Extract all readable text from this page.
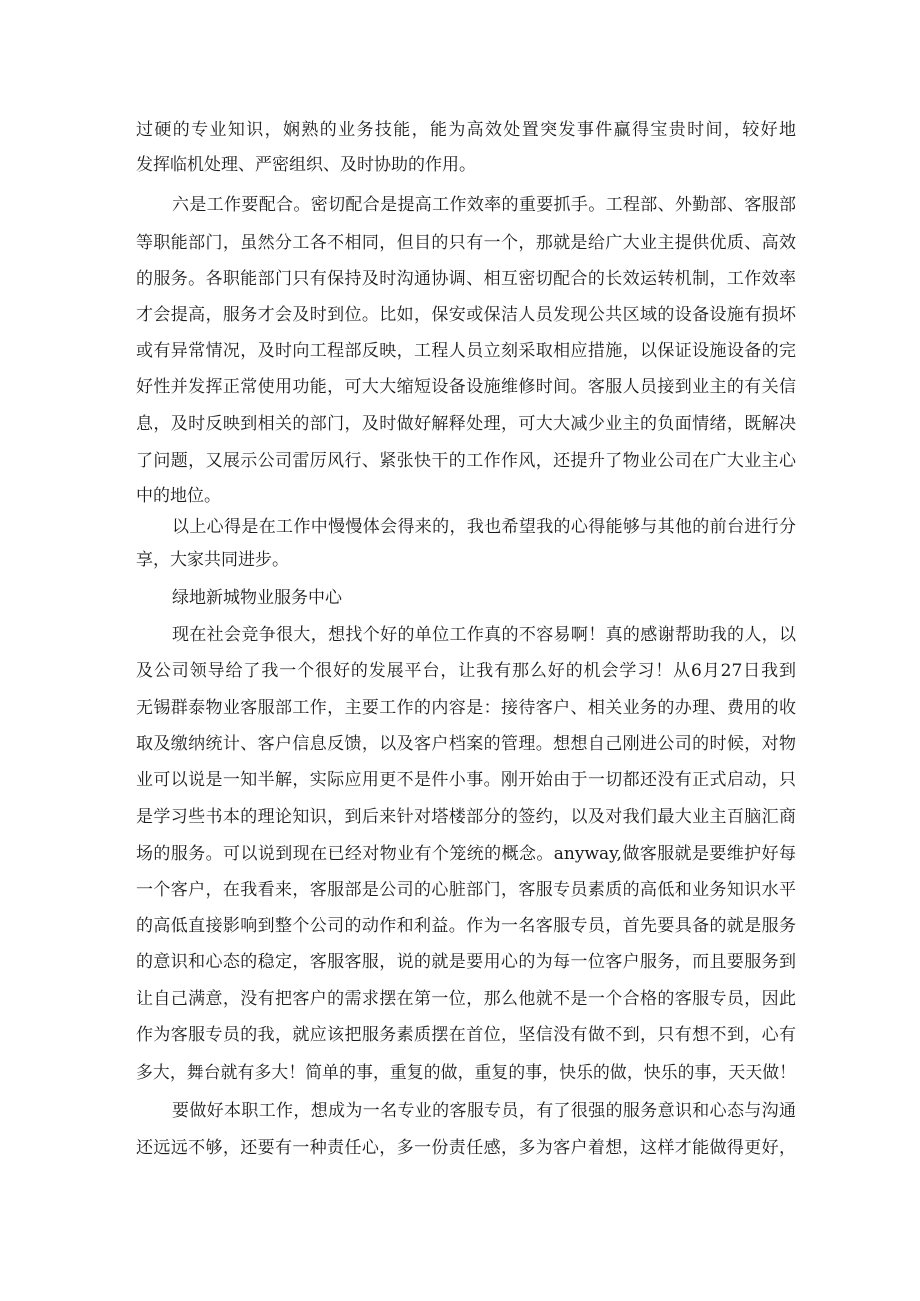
过硬的专业知识，娴熟的业务技能，能为高效处置突发事件赢得宝贵时间，较好地
发挥临机处理、严密组织、及时协助的作用。
六是工作要配合。密切配合是提高工作效率的重要抓手。工程部、外勤部、客服部
等职能部门，虽然分工各不相同，但目的只有一个，那就是给广大业主提供优质、高效
的服务。各职能部门只有保持及时沟通协调、相互密切配合的长效运转机制，工作效率
才会提高，服务才会及时到位。比如，保安或保洁人员发现公共区域的设备设施有损坏
或有异常情况，及时向工程部反映，工程人员立刻采取相应措施，以保证设施设备的完
好性并发挥正常使用功能，可大大缩短设备设施维修时间。客服人员接到业主的有关信
息，及时反映到相关的部门，及时做好解释处理，可大大减少业主的负面情绪，既解决
了问题，又展示公司雷厉风行、紧张快干的工作作风，还提升了物业公司在广大业主心
中的地位。
以上心得是在工作中慢慢体会得来的，我也希望我的心得能够与其他的前台进行分
享，大家共同进步。
绿地新城物业服务中心
现在社会竞争很大，想找个好的单位工作真的不容易啊！真的感谢帮助我的人，以
及公司领导给了我一个很好的发展平台，让我有那么好的机会学习！从6月27日我到
无锡群泰物业客服部工作，主要工作的内容是：接待客户、相关业务的办理、费用的收
取及缴纳统计、客户信息反馈，以及客户档案的管理。想想自己刚进公司的时候，对物
业可以说是一知半解，实际应用更不是件小事。刚开始由于一切都还没有正式启动，只
是学习些书本的理论知识，到后来针对塔楼部分的签约，以及对我们最大业主百脑汇商
场的服务。可以说到现在已经对物业有个笼统的概念。anyway,做客服就是要维护好每
一个客户，在我看来，客服部是公司的心脏部门，客服专员素质的高低和业务知识水平
的高低直接影响到整个公司的动作和利益。作为一名客服专员，首先要具备的就是服务
的意识和心态的稳定，客服客服，说的就是要用心的为每一位客户服务，而且要服务到
让自己满意，没有把客户的需求摆在第一位，那么他就不是一个合格的客服专员，因此
作为客服专员的我，就应该把服务素质摆在首位，坚信没有做不到，只有想不到，心有
多大，舞台就有多大！简单的事，重复的做，重复的事，快乐的做，快乐的事，天天做！
要做好本职工作，想成为一名专业的客服专员，有了很强的服务意识和心态与沟通
还远远不够，还要有一种责任心，多一份责任感，多为客户着想，这样才能做得更好，
